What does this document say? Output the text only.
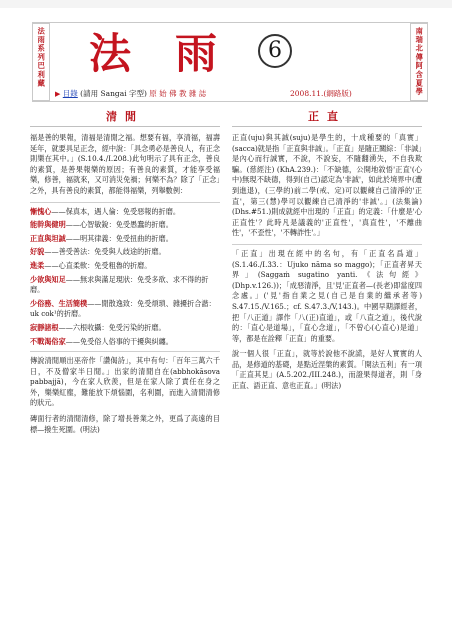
法雨系列巴利藏 法雨 6
▶ 目錄 (請用 Sangai 字型) 原 始 佛 教 雜 誌	2008.11.(網路版)	南瑞北傳阿含夏學
清閒

福是善的果報，清福是清閒之福。想要有福，享清福，福壽延年，就要具足正念，經中說：「具念勇必是善良人，有正念則樂在其中。」(S.10.4./I.208.)此句明示了具有正念，善良的素質，是善果報樂的原因；有善良的素質，才能享受福樂，修善，福就來，又可消災免禍；何樂不為？除了「正念」之外，具有善良的素質，都能得福樂，列舉數例：

慚愧心——保真本，遇人倫：免受惡報的折磨。
能幹與健明——心智敏銳：免受愚蠢的折磨。
正直與坦誠——明其律義：免受扭曲的折磨。
好貌——善受善法：免受與人歧途的折磨。
進柔——心直柔軟：免受粗魯的折磨。
少欲與知足——無求與滿足現狀：免受多欲、求不得的折磨。
少俗務、生活簡樸——閒散逸致：免受煩瑣、雜擾折合諧：uk cok¹的折磨。
寂靜諸根——六根收攝：免受污染的折磨。
不戰渴俗家——免受俗人俗事的干擾與糾纏。

傳說清閒順出巫帝作「讚偈詩」，其中有句：「百年三萬六千日，不及僧家半日閒。」出家的清閒自在(abbhokāsova pabbajjā)，今在家人欣羨，但是在家人除了責任在身之外，樂樂紅塵，難能放下煩惱圍，名利圍，而進入清閒清修的狀元。

磚面行者的清閒清修，除了增長善業之外，更爲了高遠的目標—撥生死圍。(明法)

正直

正直(uju)與其誠(suju)是學生的，十成種要的「真實」(sacca)就是指「正直與非誠」。「正直」是隨正關綜：「非誠」是內心而行誠實，不說，不說妄，不隨翻湧失，不自我欺騙。(慈經注) (KhA.239.)：「不缺德，公開地敘悟'正直'(心中)無現不缺德，得到(自己)認定為'非誠'，如此於境界中(遭到進退)，(三學的)前二學(戒、定)可以觀練自己清淨的'正直'，第三(慧)學可以觀練自己清淨的'非誠'。」(法集論) (Dhs.#51.)則成就經中出現的「正直」的定義：「什麼是'心正直性'？此時凡是議義的'正直性'，'真直性'，'不離曲性'，'不歪性'，'不轉詐性'。」

「正直」出現在經中的名句，有「正直名爲道」(S.1.46./I.33.：Ujuko nāma so maggo)；「正直者昇天界」(Saggaṁ sugatino yanti.《法句經》(Dhp.v.126.))；「成惡清淨，且'見'正直者—(長老)即當度四念處。」('見'指自業之見(自己是自業的繼承者等) S.47.15./V.165.；cf. S.47.3./V,143.)。中國早期譯經者，把「八正道」譯作「八(正)直道」，或「八直之道」，後代說的：「直心是道場」，「直心念道」，「不曾心(心直心)是道」等，都是在詮釋「正直」的重要。

說一個人很「正直」，就等於說他不說謊，是好人實實的人品，是修道的基礎，是點近涅槃的素質。「開法五利」有一項「正直其見」(A.5.202./III.248.)，而證果得道者，則「身正直、語正直、意也正直。」(明法)
